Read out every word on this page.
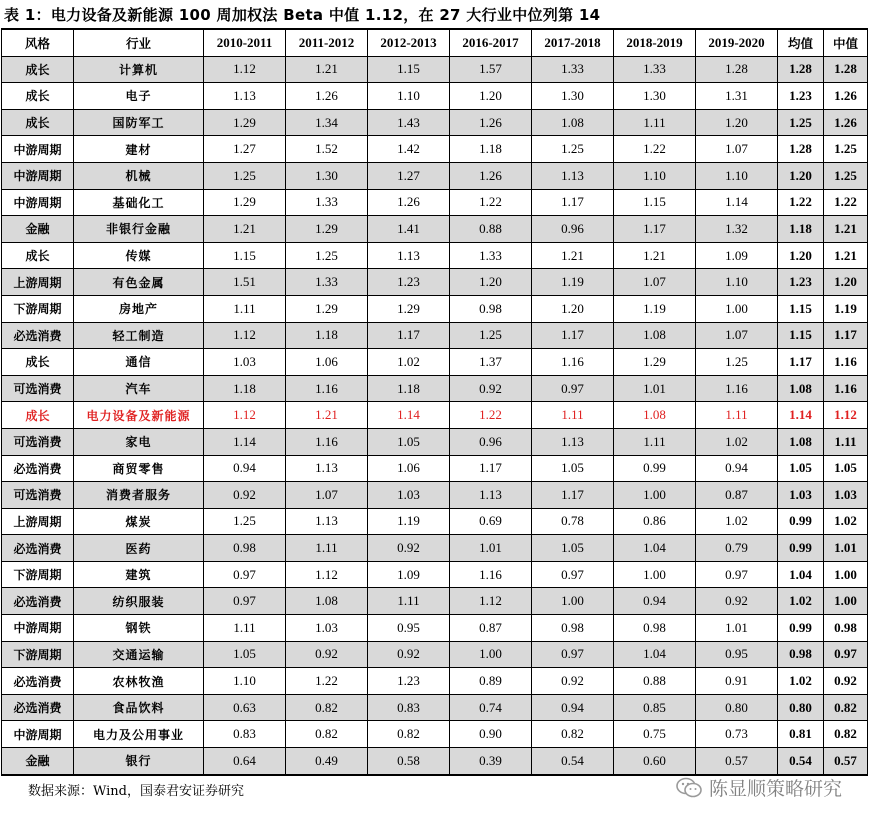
表 1：电力设备及新能源 100 周加权法 Beta 中值 1.12，在 27 大行业中位列第 14
风格	行业	2010-2011	2011-2012	2012-2013	2016-2017	2017-2018	2018-2019	2019-2020	均值	中值
成长	计算机	1.12	1.21	1.15	1.57	1.33	1.33	1.28	1.28	1.28
成长	电子	1.13	1.26	1.10	1.20	1.30	1.30	1.31	1.23	1.26
成长	国防军工	1.29	1.34	1.43	1.26	1.08	1.11	1.20	1.25	1.26
中游周期	建材	1.27	1.52	1.42	1.18	1.25	1.22	1.07	1.28	1.25
中游周期	机械	1.25	1.30	1.27	1.26	1.13	1.10	1.10	1.20	1.25
中游周期	基础化工	1.29	1.33	1.26	1.22	1.17	1.15	1.14	1.22	1.22
金融	非银行金融	1.21	1.29	1.41	0.88	0.96	1.17	1.32	1.18	1.21
成长	传媒	1.15	1.25	1.13	1.33	1.21	1.21	1.09	1.20	1.21
上游周期	有色金属	1.51	1.33	1.23	1.20	1.19	1.07	1.10	1.23	1.20
下游周期	房地产	1.11	1.29	1.29	0.98	1.20	1.19	1.00	1.15	1.19
必选消费	轻工制造	1.12	1.18	1.17	1.25	1.17	1.08	1.07	1.15	1.17
成长	通信	1.03	1.06	1.02	1.37	1.16	1.29	1.25	1.17	1.16
可选消费	汽车	1.18	1.16	1.18	0.92	0.97	1.01	1.16	1.08	1.16
成长	电力设备及新能源	1.12	1.21	1.14	1.22	1.11	1.08	1.11	1.14	1.12
可选消费	家电	1.14	1.16	1.05	0.96	1.13	1.11	1.02	1.08	1.11
必选消费	商贸零售	0.94	1.13	1.06	1.17	1.05	0.99	0.94	1.05	1.05
可选消费	消费者服务	0.92	1.07	1.03	1.13	1.17	1.00	0.87	1.03	1.03
上游周期	煤炭	1.25	1.13	1.19	0.69	0.78	0.86	1.02	0.99	1.02
必选消费	医药	0.98	1.11	0.92	1.01	1.05	1.04	0.79	0.99	1.01
下游周期	建筑	0.97	1.12	1.09	1.16	0.97	1.00	0.97	1.04	1.00
必选消费	纺织服装	0.97	1.08	1.11	1.12	1.00	0.94	0.92	1.02	1.00
中游周期	钢铁	1.11	1.03	0.95	0.87	0.98	0.98	1.01	0.99	0.98
下游周期	交通运输	1.05	0.92	0.92	1.00	0.97	1.04	0.95	0.98	0.97
必选消费	农林牧渔	1.10	1.22	1.23	0.89	0.92	0.88	0.91	1.02	0.92
必选消费	食品饮料	0.63	0.82	0.83	0.74	0.94	0.85	0.80	0.80	0.82
中游周期	电力及公用事业	0.83	0.82	0.82	0.90	0.82	0.75	0.73	0.81	0.82
金融	银行	0.64	0.49	0.58	0.39	0.54	0.60	0.57	0.54	0.57
数据来源：Wind，国泰君安证券研究	陈显顺策略研究
